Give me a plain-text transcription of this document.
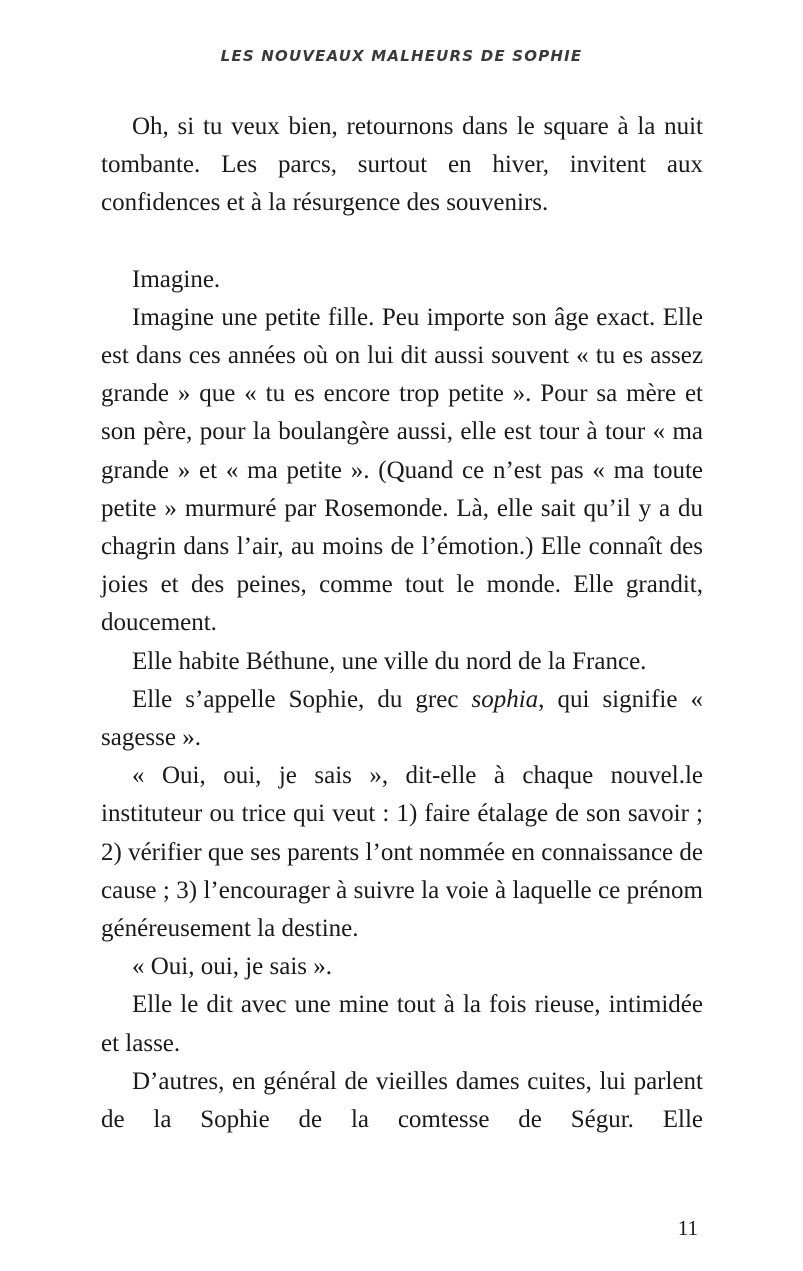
LES NOUVEAUX MALHEURS DE SOPHIE

Oh, si tu veux bien, retournons dans le square à la nuit tombante. Les parcs, surtout en hiver, invitent aux confidences et à la résurgence des souvenirs.

Imagine.

Imagine une petite fille. Peu importe son âge exact. Elle est dans ces années où on lui dit aussi souvent « tu es assez grande » que « tu es encore trop petite ». Pour sa mère et son père, pour la boulangère aussi, elle est tour à tour « ma grande » et « ma petite ». (Quand ce n’est pas « ma toute petite » murmuré par Rosemonde. Là, elle sait qu’il y a du chagrin dans l’air, au moins de l’émotion.) Elle connaît des joies et des peines, comme tout le monde. Elle grandit, doucement.

Elle habite Béthune, une ville du nord de la France.

Elle s’appelle Sophie, du grec sophia, qui signifie « sagesse ».

« Oui, oui, je sais », dit-elle à chaque nouvel.le instituteur ou trice qui veut : 1) faire étalage de son savoir ; 2) vérifier que ses parents l’ont nommée en connaissance de cause ; 3) l’encourager à suivre la voie à laquelle ce prénom généreusement la destine.

« Oui, oui, je sais ».

Elle le dit avec une mine tout à la fois rieuse, intimidée et lasse.

D’autres, en général de vieilles dames cuites, lui parlent de la Sophie de la comtesse de Ségur. Elle

11
